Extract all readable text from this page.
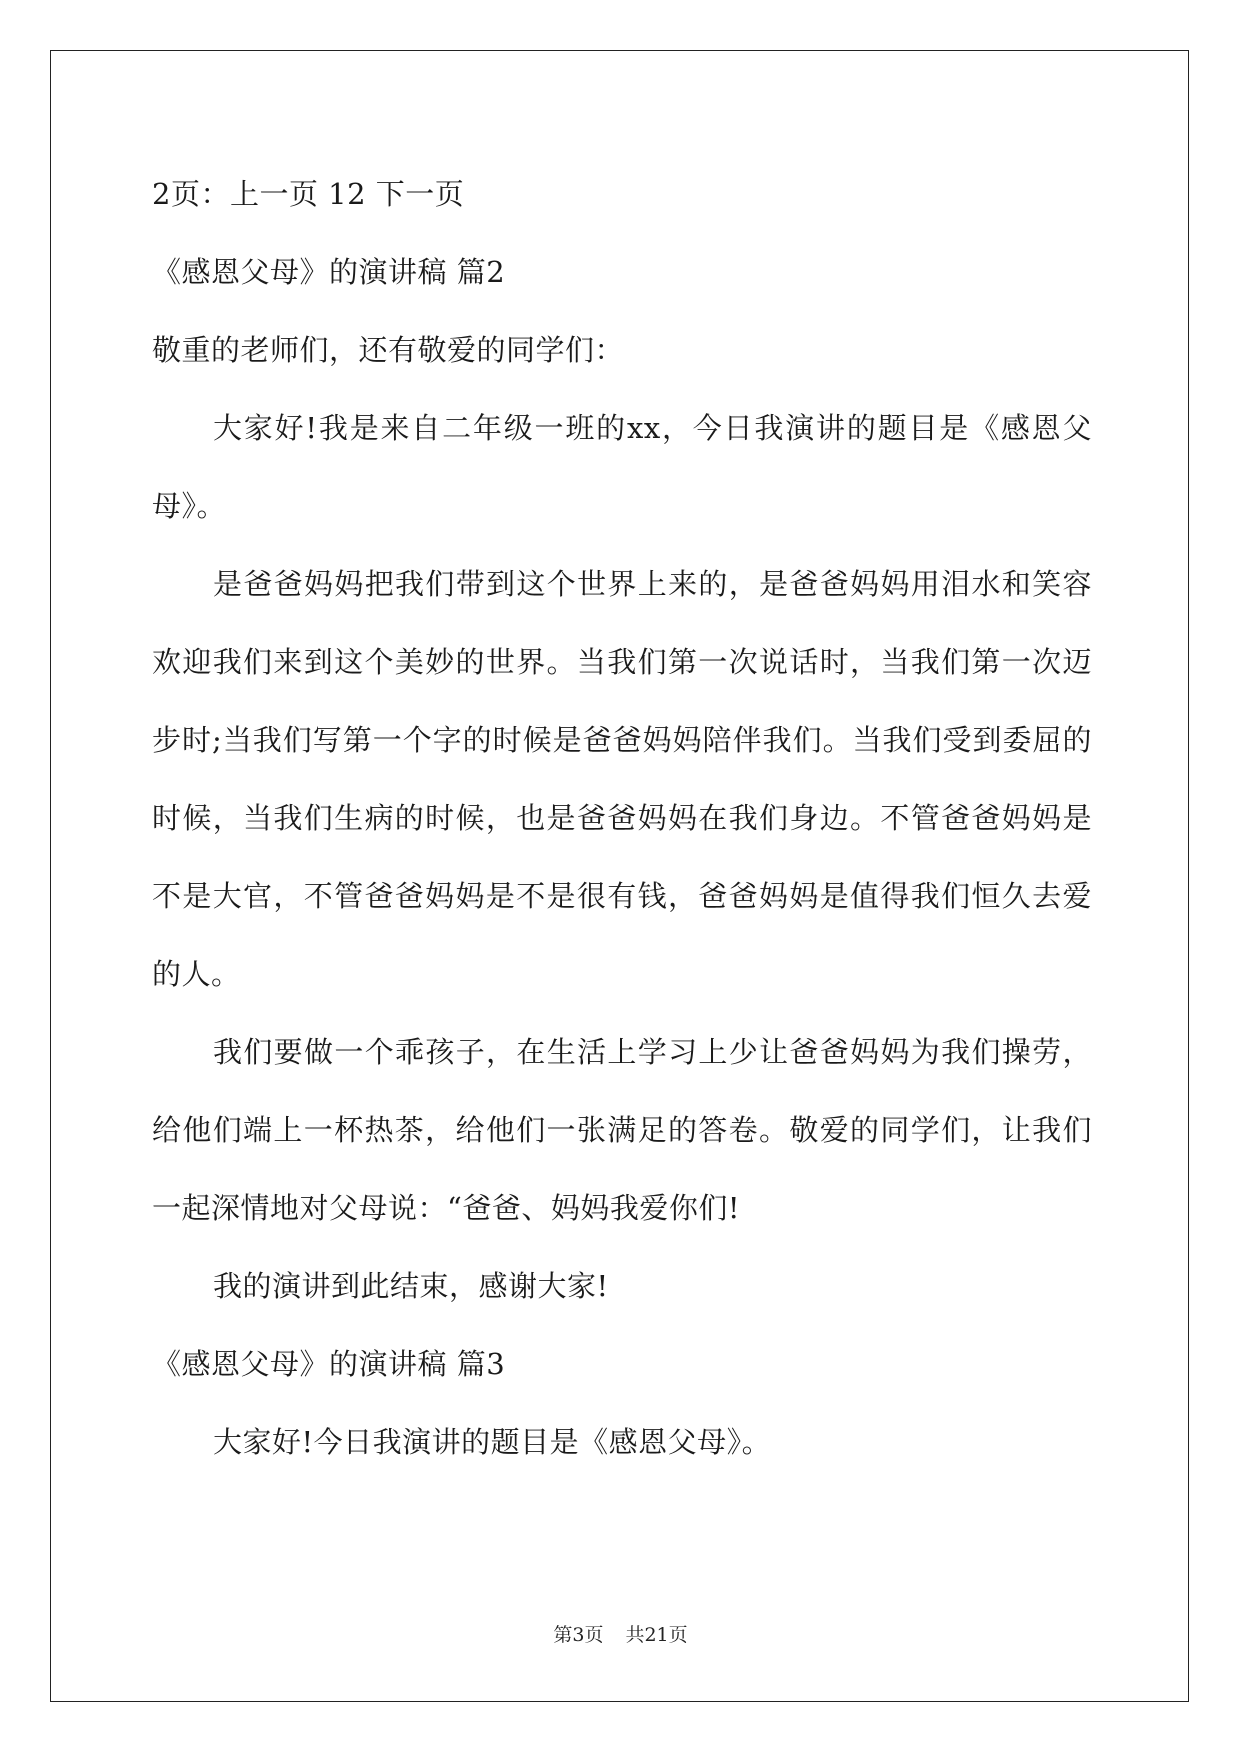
2页：上一页 12 下一页
《感恩父母》的演讲稿 篇2
敬重的老师们，还有敬爱的同学们：
大家好!我是来自二年级一班的xx，今日我演讲的题目是《感恩父母》。
是爸爸妈妈把我们带到这个世界上来的，是爸爸妈妈用泪水和笑容欢迎我们来到这个美妙的世界。当我们第一次说话时，当我们第一次迈步时;当我们写第一个字的时候是爸爸妈妈陪伴我们。当我们受到委屈的时候，当我们生病的时候，也是爸爸妈妈在我们身边。不管爸爸妈妈是不是大官，不管爸爸妈妈是不是很有钱，爸爸妈妈是值得我们恒久去爱的人。
我们要做一个乖孩子，在生活上学习上少让爸爸妈妈为我们操劳，给他们端上一杯热茶，给他们一张满足的答卷。敬爱的同学们，让我们一起深情地对父母说：“爸爸、妈妈我爱你们!
我的演讲到此结束，感谢大家!
《感恩父母》的演讲稿 篇3
大家好!今日我演讲的题目是《感恩父母》。
第3页 共21页
